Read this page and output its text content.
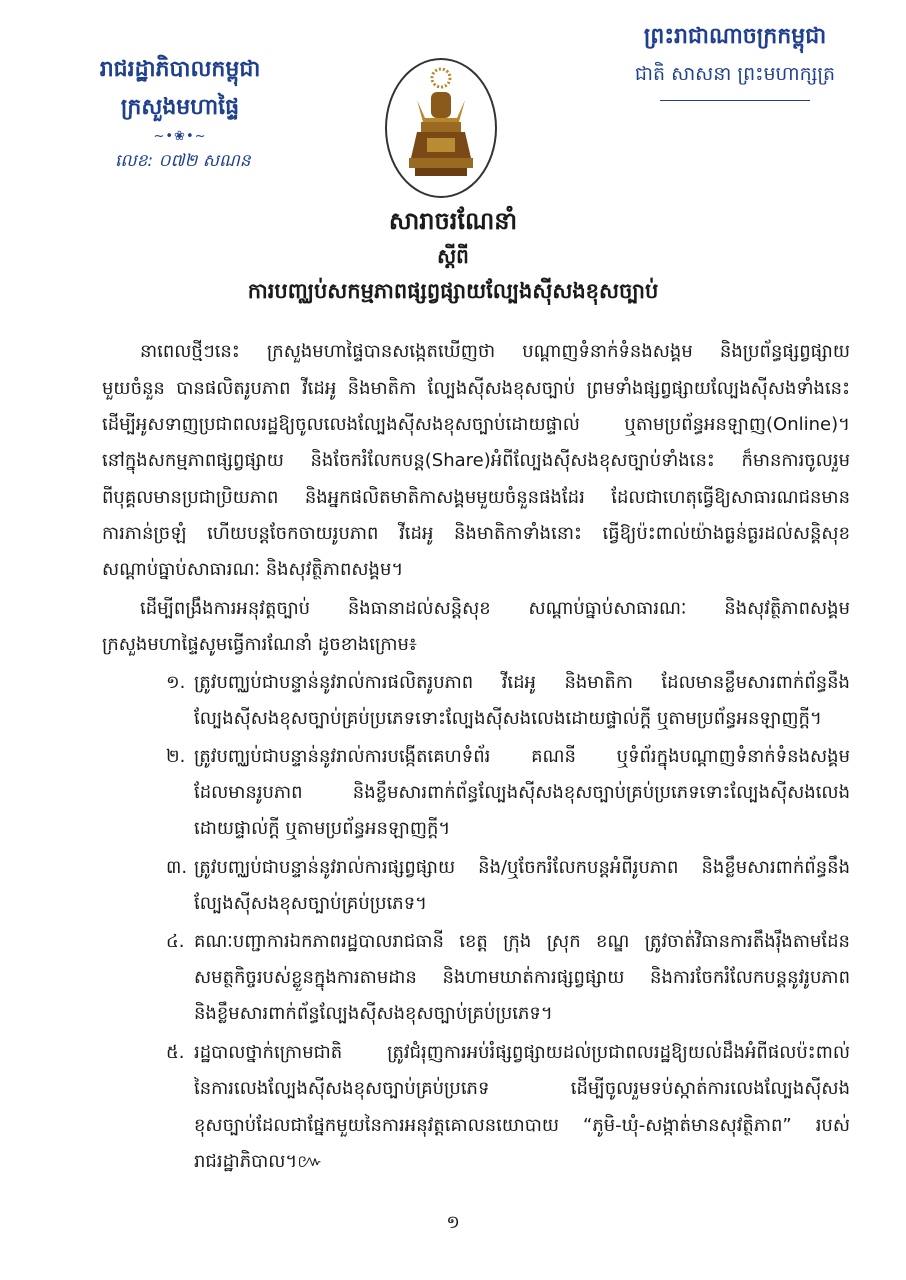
ព្រះរាជាណាចក្រកម្ពុជា
ជាតិ សាសនា ព្រះមហាក្សត្រ
រាជរដ្ឋាភិបាលកម្ពុជា
ក្រសួងមហាផ្ទៃ
~•❀•~
លេខ: ០៧២ សណន
សារាចរណែនាំ
ស្តីពី
ការបញ្ឈប់សកម្មភាពផ្សព្វផ្សាយល្បែងស៊ីសងខុសច្បាប់
នាពេលថ្មីៗនេះ ក្រសួងមហាផ្ទៃបានសង្កេតឃើញថា បណ្តាញទំនាក់ទំនងសង្គម និងប្រព័ន្ធផ្សព្វផ្សាយ
មួយចំនួន បានផលិតរូបភាព វីដេអូ និងមាតិកា ល្បែងស៊ីសងខុសច្បាប់ ព្រមទាំងផ្សព្វផ្សាយល្បែងស៊ីសងទាំងនេះ
ដើម្បីអូសទាញប្រជាពលរដ្ឋឱ្យចូលលេងល្បែងស៊ីសងខុសច្បាប់ដោយផ្ទាល់ ឬតាមប្រព័ន្ធអនឡាញ(Online)។
នៅក្នុងសកម្មភាពផ្សព្វផ្សាយ និងចែករំលែកបន្ត(Share)អំពីល្បែងស៊ីសងខុសច្បាប់ទាំងនេះ ក៏មានការចូលរួម
ពីបុគ្គលមានប្រជាប្រិយភាព និងអ្នកផលិតមាតិកាសង្គមមួយចំនួនផងដែរ ដែលជាហេតុធ្វើឱ្យសាធារណជនមាន
ការភាន់ច្រឡំ ហើយបន្តចែកចាយរូបភាព វីដេអូ និងមាតិកាទាំងនោះ ធ្វើឱ្យប៉ះពាល់យ៉ាងធ្ងន់ធ្ងរដល់សន្តិសុខ
សណ្តាប់ធ្នាប់សាធារណៈ និងសុវត្ថិភាពសង្គម។
ដើម្បីពង្រឹងការអនុវត្តច្បាប់ និងធានាដល់សន្តិសុខ សណ្តាប់ធ្នាប់សាធារណៈ និងសុវត្ថិភាពសង្គម
ក្រសួងមហាផ្ទៃសូមធ្វើការណែនាំ ដូចខាងក្រោម៖
១. ត្រូវបញ្ឈប់ជាបន្ទាន់នូវរាល់ការផលិតរូបភាព វីដេអូ និងមាតិកា ដែលមានខ្លឹមសារពាក់ព័ន្ធនឹង
ល្បែងស៊ីសងខុសច្បាប់គ្រប់ប្រភេទទោះល្បែងស៊ីសងលេងដោយផ្ទាល់ក្តី ឬតាមប្រព័ន្ធអនឡាញក្តី។
២. ត្រូវបញ្ឈប់ជាបន្ទាន់នូវរាល់ការបង្កើតគេហទំព័រ គណនី ឬទំព័រក្នុងបណ្តាញទំនាក់ទំនងសង្គម
ដែលមានរូបភាព និងខ្លឹមសារពាក់ព័ន្ធល្បែងស៊ីសងខុសច្បាប់គ្រប់ប្រភេទទោះល្បែងស៊ីសងលេង
ដោយផ្ទាល់ក្តី ឬតាមប្រព័ន្ធអនឡាញក្តី។
៣. ត្រូវបញ្ឈប់ជាបន្ទាន់នូវរាល់ការផ្សព្វផ្សាយ និង/ឬចែករំលែកបន្តអំពីរូបភាព និងខ្លឹមសារពាក់ព័ន្ធនឹង
ល្បែងស៊ីសងខុសច្បាប់គ្រប់ប្រភេទ។
៤. គណៈបញ្ជាការឯកភាពរដ្ឋបាលរាជធានី ខេត្ត ក្រុង ស្រុក ខណ្ឌ ត្រូវចាត់វិធានការតឹងរ៉ឹងតាមដែន
សមត្ថកិច្ចរបស់ខ្លួនក្នុងការតាមដាន និងហាមឃាត់ការផ្សព្វផ្សាយ និងការចែករំលែកបន្តនូវរូបភាព
និងខ្លឹមសារពាក់ព័ន្ធល្បែងស៊ីសងខុសច្បាប់គ្រប់ប្រភេទ។
៥. រដ្ឋបាលថ្នាក់ក្រោមជាតិ ត្រូវជំរុញការអប់រំផ្សព្វផ្សាយដល់ប្រជាពលរដ្ឋឱ្យយល់ដឹងអំពីផលប៉ះពាល់
នៃការលេងល្បែងស៊ីសងខុសច្បាប់គ្រប់ប្រភេទ ដើម្បីចូលរួមទប់ស្កាត់ការលេងល្បែងស៊ីសង
ខុសច្បាប់ដែលជាផ្នែកមួយនៃការអនុវត្តគោលនយោបាយ “ភូមិ-ឃុំ-សង្កាត់មានសុវត្ថិភាព” របស់
រាជរដ្ឋាភិបាល។៚
១
